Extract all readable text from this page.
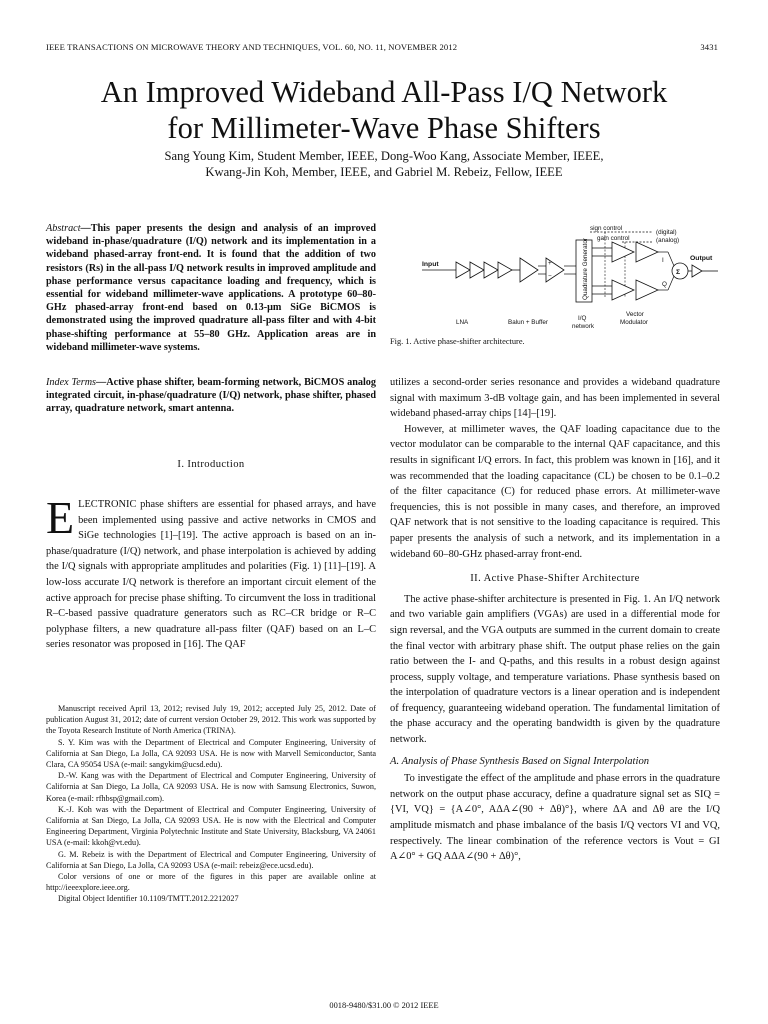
IEEE TRANSACTIONS ON MICROWAVE THEORY AND TECHNIQUES, VOL. 60, NO. 11, NOVEMBER 2012	3431
An Improved Wideband All-Pass I/Q Network
for Millimeter-Wave Phase Shifters
Sang Young Kim, Student Member, IEEE, Dong-Woo Kang, Associate Member, IEEE,
Kwang-Jin Koh, Member, IEEE, and Gabriel M. Rebeiz, Fellow, IEEE
Abstract—This paper presents the design and analysis of an improved wideband in-phase/quadrature (I/Q) network and its implementation in a wideband phased-array front-end. It is found that the addition of two resistors (Rs) in the all-pass I/Q network results in improved amplitude and phase performance versus capacitance loading and frequency, which is essential for wideband millimeter-wave applications. A prototype 60–80-GHz phased-array front-end based on 0.13-μm SiGe BiCMOS is demonstrated using the improved quadrature all-pass filter and with 4-bit phase-shifting performance at 55–80 GHz. Application areas are in wideband millimeter-wave systems.
Index Terms—Active phase shifter, beam-forming network, BiCMOS analog integrated circuit, in-phase/quadrature (I/Q) network, phase shifter, phased array, quadrature network, smart antenna.
I. Introduction

ELECTRONIC phase shifters are essential for phased arrays, and have been implemented using passive and active networks in CMOS and SiGe technologies [1]–[19]. The active approach is based on an in-phase/quadrature (I/Q) network, and phase interpolation is achieved by adding the I/Q signals with appropriate amplitudes and polarities (Fig. 1) [11]–[19]. A low-loss accurate I/Q network is therefore an important circuit element of the active approach for precise phase shifting. To circumvent the loss in traditional R–C-based passive quadrature generators such as RC–CR bridge or R–C polyphase filters, a new quadrature all-pass filter (QAF) based on an L–C series resonator was proposed in [16]. The QAF

Manuscript received April 13, 2012; revised July 19, 2012; accepted July 25, 2012. Date of publication August 31, 2012; date of current version October 29, 2012. This work was supported by the Toyota Research Institute of North America (TRINA).

S. Y. Kim was with the Department of Electrical and Computer Engineering, University of California at San Diego, La Jolla, CA 92093 USA. He is now with Marvell Semiconductor, Santa Clara, CA 95054 USA (e-mail: sangykim@ucsd.edu).

D.-W. Kang was with the Department of Electrical and Computer Engineering, University of California at San Diego, La Jolla, CA 92093 USA. He is now with Samsung Electronics, Suwon, Korea (e-mail: rfhbsp@gmail.com).

K.-J. Koh was with the Department of Electrical and Computer Engineering, University of California at San Diego, La Jolla, CA 92093 USA. He is now with the Electrical and Computer Engineering Department, Virginia Polytechnic Institute and State University, Blacksburg, VA 24061 USA (e-mail: kkoh@vt.edu).

G. M. Rebeiz is with the Department of Electrical and Computer Engineering, University of California at San Diego, La Jolla, CA 92093 USA (e-mail: rebeiz@ece.ucsd.edu).

Color versions of one or more of the figures in this paper are available online at http://ieeexplore.ieee.org.

Digital Object Identifier 10.1109/TMTT.2012.2212027

sign control
(digital)
gain control	(analog)
Input	+
−	Quadrature Generator	I
Q
Σ
Output
LNA	Balun + Buffer
I/Q
network
Vector
Modulator
Fig. 1. Active phase-shifter architecture.

utilizes a second-order series resonance and provides a wideband quadrature signal with maximum 3-dB voltage gain, and has been implemented in several wideband phased-array chips [14]–[19].

However, at millimeter waves, the QAF loading capacitance due to the vector modulator can be comparable to the internal QAF capacitance, and this results in significant I/Q errors. In fact, this problem was known in [16], and it was recommended that the loading capacitance (CL) be chosen to be 0.1–0.2 of the filter capacitance (C) for reduced phase errors. At millimeter-wave frequencies, this is not possible in many cases, and therefore, an improved QAF network that is not sensitive to the loading capacitance is required. This paper presents the analysis of such a network, and its implementation in a wideband 60–80-GHz phased-array front-end.

II. Active Phase-Shifter Architecture

The active phase-shifter architecture is presented in Fig. 1. An I/Q network and two variable gain amplifiers (VGAs) are used in a differential mode for sign reversal, and the VGA outputs are summed in the current domain to create the final vector with arbitrary phase shift. The output phase relies on the gain ratio between the I- and Q-paths, and this results in a robust design against process, supply voltage, and temperature variations. Phase synthesis based on the interpolation of quadrature vectors is a linear operation and is independent of frequency, guaranteeing wideband operation. The fundamental limitation of the phase accuracy and the operating bandwidth is given by the quadrature network.

A. Analysis of Phase Synthesis Based on Signal Interpolation

To investigate the effect of the amplitude and phase errors in the quadrature network on the output phase accuracy, define a quadrature signal set as SIQ = {VI, VQ} = {A∠0°, AΔA∠(90 + Δθ)°}, where ΔA and Δθ are the I/Q amplitude mismatch and phase imbalance of the basis I/Q vectors VI and VQ, respectively. The linear combination of the reference vectors is Vout = GI A∠0° + GQ AΔA∠(90 + Δθ)°,

0018-9480/$31.00 © 2012 IEEE
